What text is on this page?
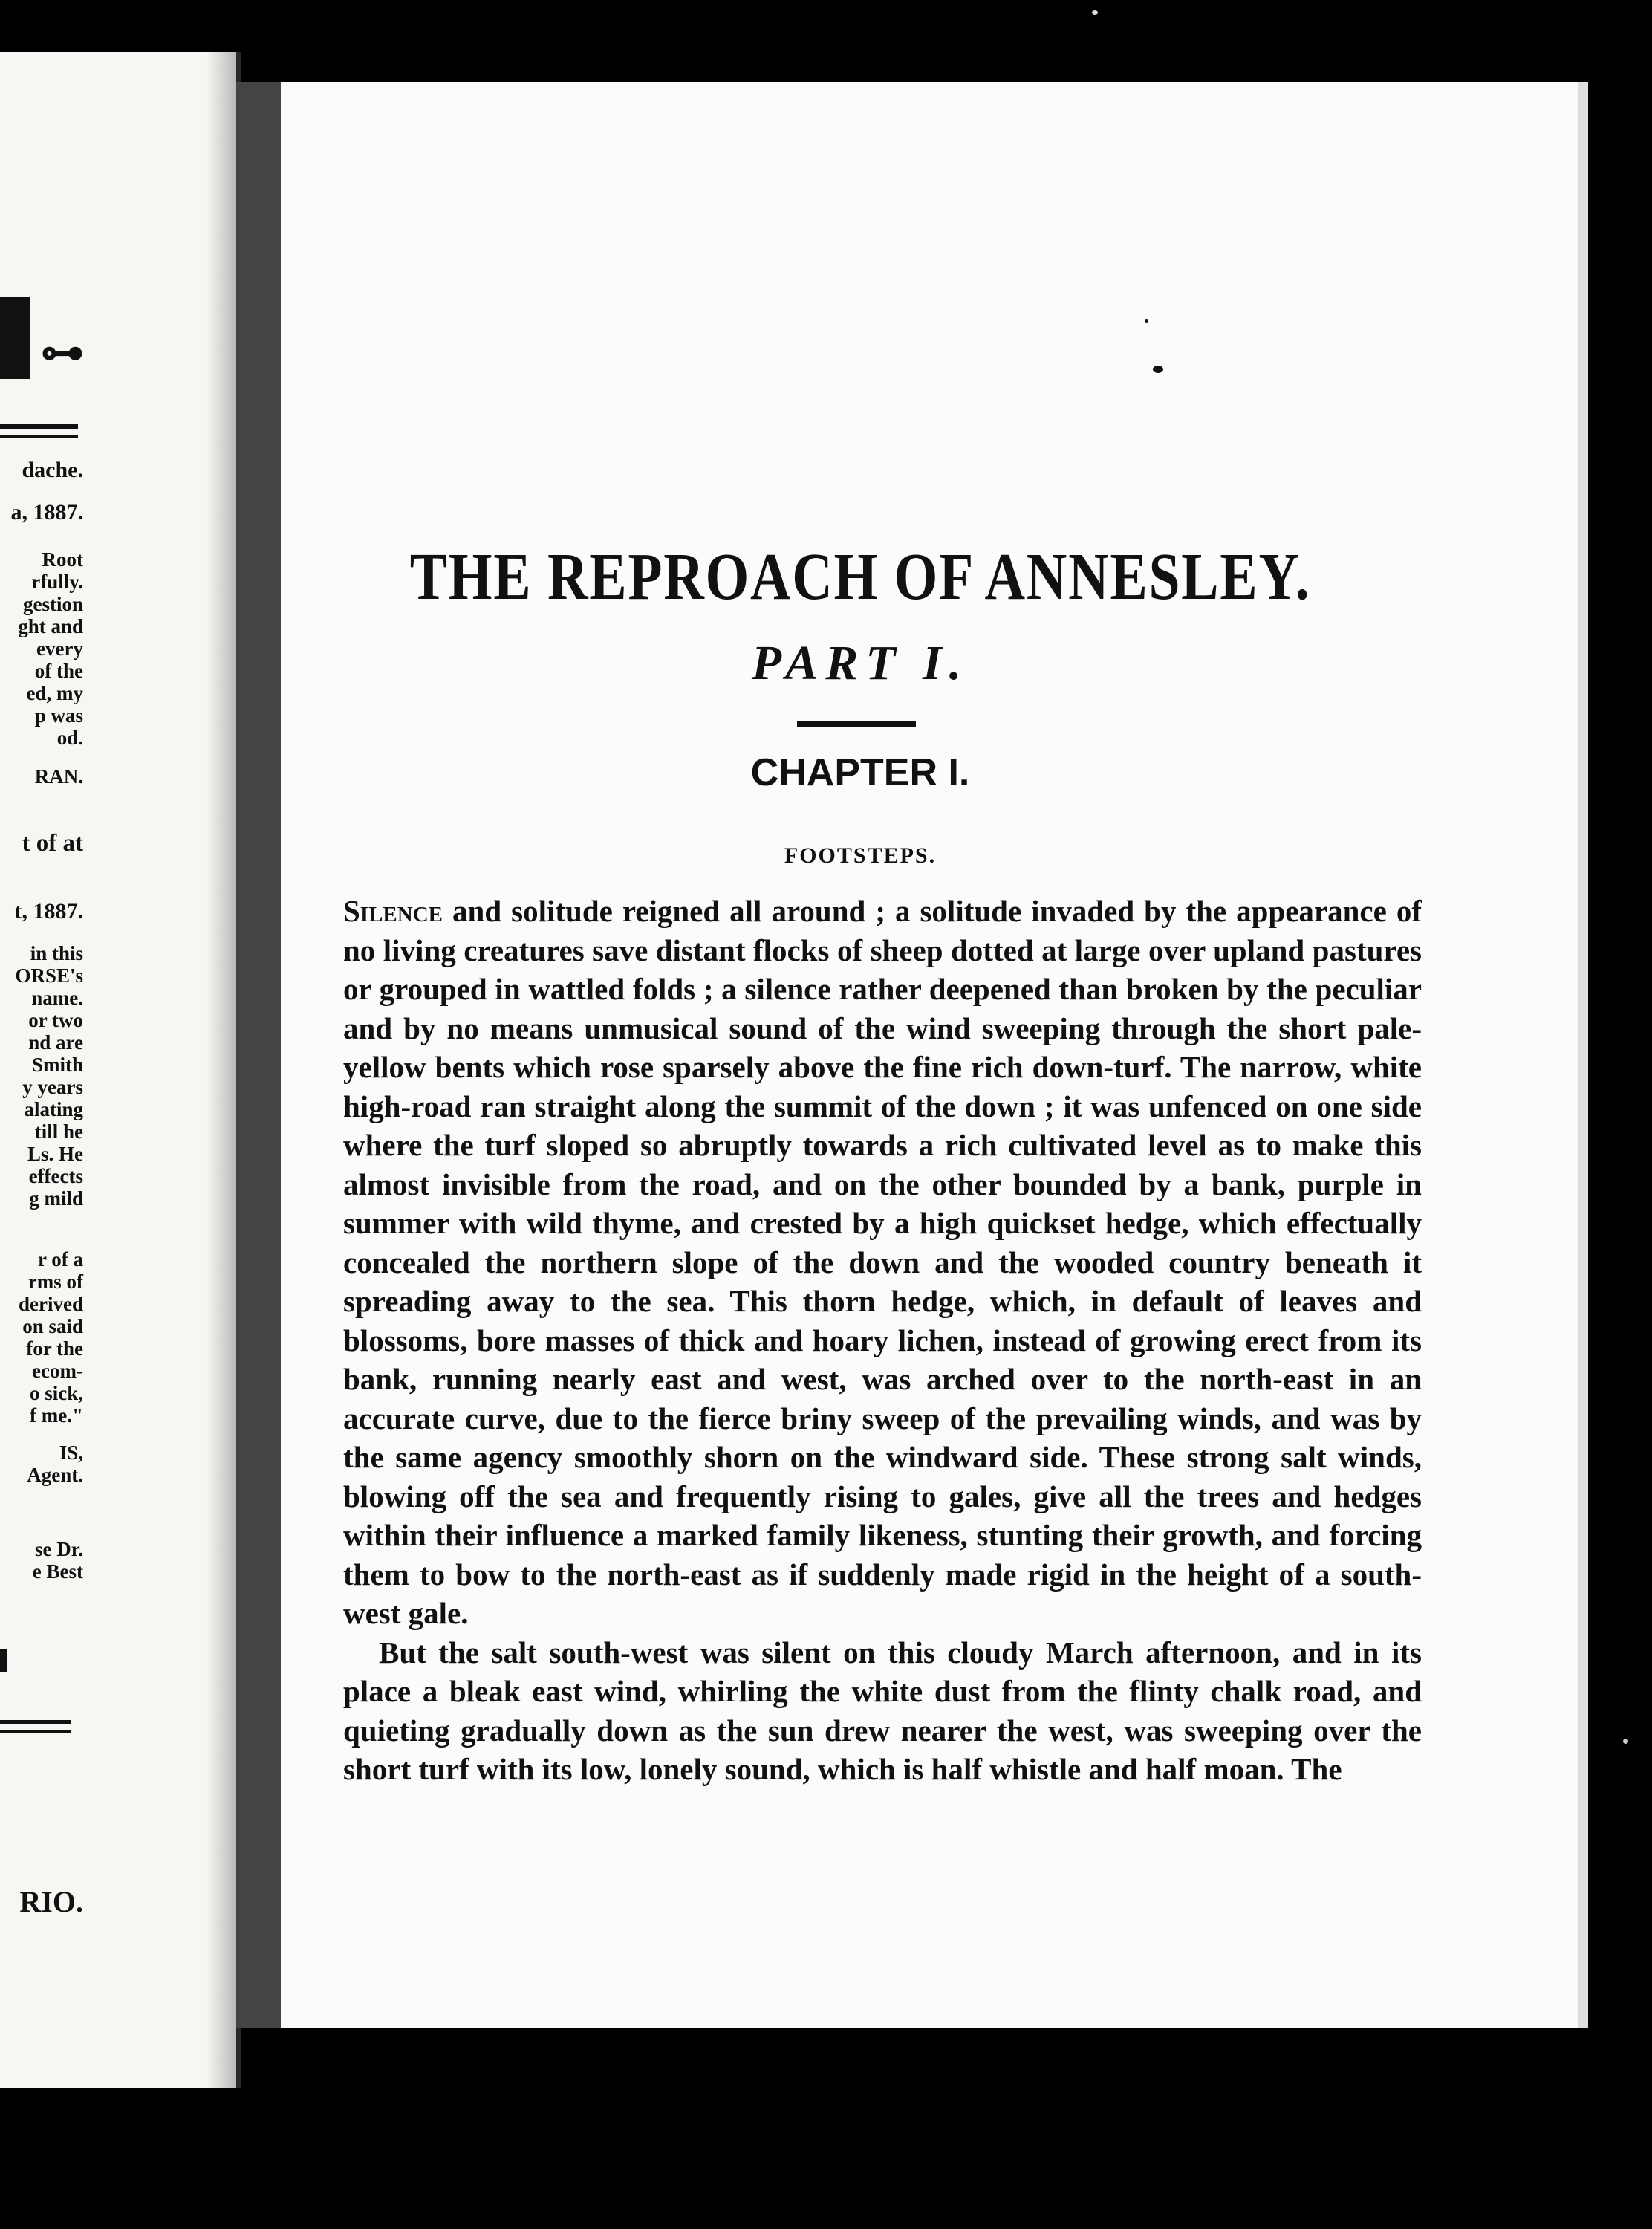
⊶
dache.
a, 1887.
Root
rfully.
gestion
ght and
every
of the
ed, my
p was
od.
RAN.
t of at
t, 1887.
in this
ORSE's
name.
or two
nd are
Smith
y years
alating
till he
Ls. He
effects
g mild
r of a
rms of
derived
on said
for the
ecom-
o sick,
f me."
IS,
Agent.
se Dr.
e Best
RIO.
THE REPROACH OF ANNESLEY.
PART I.
CHAPTER I.
FOOTSTEPS.

Silence and solitude reigned all around ; a solitude invaded by the appearance of no living creatures save distant flocks of sheep dotted at large over upland pastures or grouped in wattled folds ; a silence rather deepened than broken by the peculiar and by no means unmusical sound of the wind sweeping through the short pale-yellow bents which rose sparsely above the fine rich down-turf. The narrow, white high-road ran straight along the summit of the down ; it was unfenced on one side where the turf sloped so abruptly towards a rich cultivated level as to make this almost invisible from the road, and on the other bounded by a bank, purple in summer with wild thyme, and crested by a high quickset hedge, which effectually concealed the northern slope of the down and the wooded country beneath it spreading away to the sea. This thorn hedge, which, in default of leaves and blossoms, bore masses of thick and hoary lichen, instead of growing erect from its bank, running nearly east and west, was arched over to the north-east in an accurate curve, due to the fierce briny sweep of the prevailing winds, and was by the same agency smoothly shorn on the windward side. These strong salt winds, blowing off the sea and frequently rising to gales, give all the trees and hedges within their influence a marked family likeness, stunting their growth, and forcing them to bow to the north-east as if suddenly made rigid in the height of a south-west gale.

But the salt south-west was silent on this cloudy March afternoon, and in its place a bleak east wind, whirling the white dust from the flinty chalk road, and quieting gradually down as the sun drew nearer the west, was sweeping over the short turf with its low, lonely sound, which is half whistle and half moan. The
